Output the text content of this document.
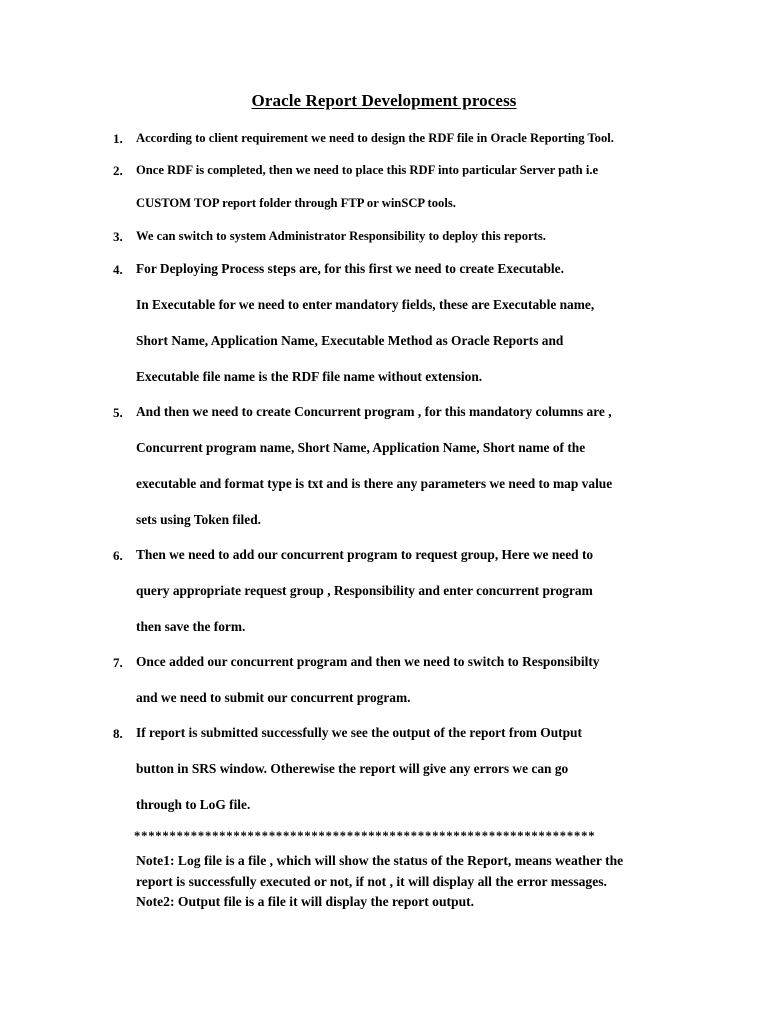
Oracle Report Development process
1. According to client requirement we need to design the RDF file in Oracle Reporting Tool.
2. Once RDF is completed, then we need to place this RDF into particular Server path i.e
CUSTOM TOP report folder through FTP or winSCP tools.
3. We can switch to system Administrator Responsibility to deploy this reports.
4. For Deploying Process steps are, for this first we need to create Executable.
In Executable for we need to enter mandatory fields, these are Executable name,
Short Name, Application Name, Executable Method as Oracle Reports and
Executable file name is the RDF file name without extension.
5. And then we need to create Concurrent program , for this mandatory columns are ,
Concurrent program name, Short Name, Application Name, Short name of the
executable and format type is txt and is there any parameters we need to map value
sets using Token filed.
6. Then we need to add our concurrent program to request group, Here we need to
query appropriate request group , Responsibility and enter concurrent program
then save the form.
7. Once added our concurrent program and then we need to switch to Responsibilty
and we need to submit our concurrent program.
8. If report is submitted successfully we see the output of the report from Output
button in SRS window. Otherewise the report will give any errors we can go
through to LoG file.
*****************************************************************
Note1: Log file is a file , which will show the status of the Report, means weather the
report is successfully executed or not, if not , it will display all the error messages.
Note2: Output file is a file it will display the report output.
